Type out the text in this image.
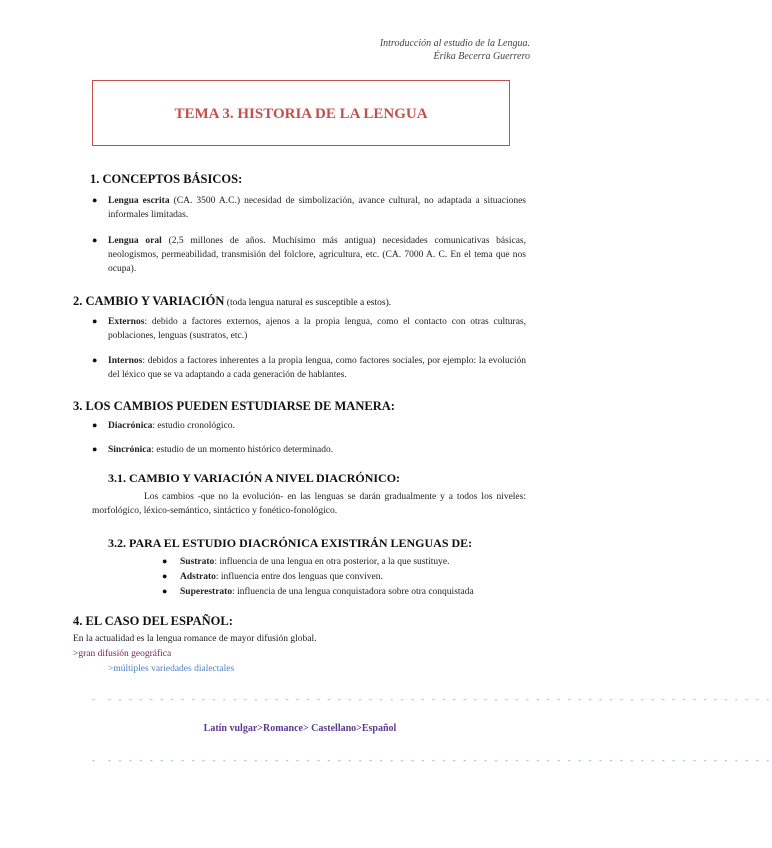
Introducción al estudio de la Lengua.
Érika Becerra Guerrero
TEMA 3. HISTORIA DE LA LENGUA
1. CONCEPTOS BÁSICOS:
● Lengua escrita (CA. 3500 A.C.) necesidad de simbolización, avance cultural, no adaptada a situaciones informales limitadas.
● Lengua oral (2,5 millones de años. Muchísimo más antigua) necesidades comunicativas básicas, neologismos, permeabilidad, transmisión del folclore, agricultura, etc. (CA. 7000 A. C. En el tema que nos ocupa).
2. CAMBIO Y VARIACIÓN (toda lengua natural es susceptible a estos).
● Externos: debido a factores externos, ajenos a la propia lengua, como el contacto con otras culturas, poblaciones, lenguas (sustratos, etc.)
● Internos: debidos a factores inherentes a la propia lengua, como factores sociales, por ejemplo: la evolución del léxico que se va adaptando a cada generación de hablantes.
3. LOS CAMBIOS PUEDEN ESTUDIARSE DE MANERA:
● Diacrónica: estudio cronológico.
● Sincrónica: estudio de un momento histórico determinado.
3.1. CAMBIO Y VARIACIÓN A NIVEL DIACRÓNICO:
Los cambios -que no la evolución- en las lenguas se darán gradualmente y a todos los niveles: morfológico, léxico-semántico, sintáctico y fonético-fonológico.
3.2. PARA EL ESTUDIO DIACRÓNICA EXISTIRÁN LENGUAS DE:
● Sustrato: influencia de una lengua en otra posterior, a la que sustituye.
● Adstrato: influencia entre dos lenguas que conviven.
● Superestrato: influencia de una lengua conquistadora sobre otra conquistada
4. EL CASO DEL ESPAÑOL:
En la actualidad es la lengua romance de mayor difusión global.
>gran difusión geográfica
>múltiples variedades dialectales
- - - - - - - - - - - - - - - - - - - - - - - - - - - - - - - - - - - - - - - - - - - - - - - - - - - - - - - - - - - - - - - - -
Latín vulgar>Romance> Castellano>Español
- - - - - - - - - - - - - - - - - - - - - - - - - - - - - - - - - - - - - - - - - - - - - - - - - - - - - - - - - - - - - - - - -
